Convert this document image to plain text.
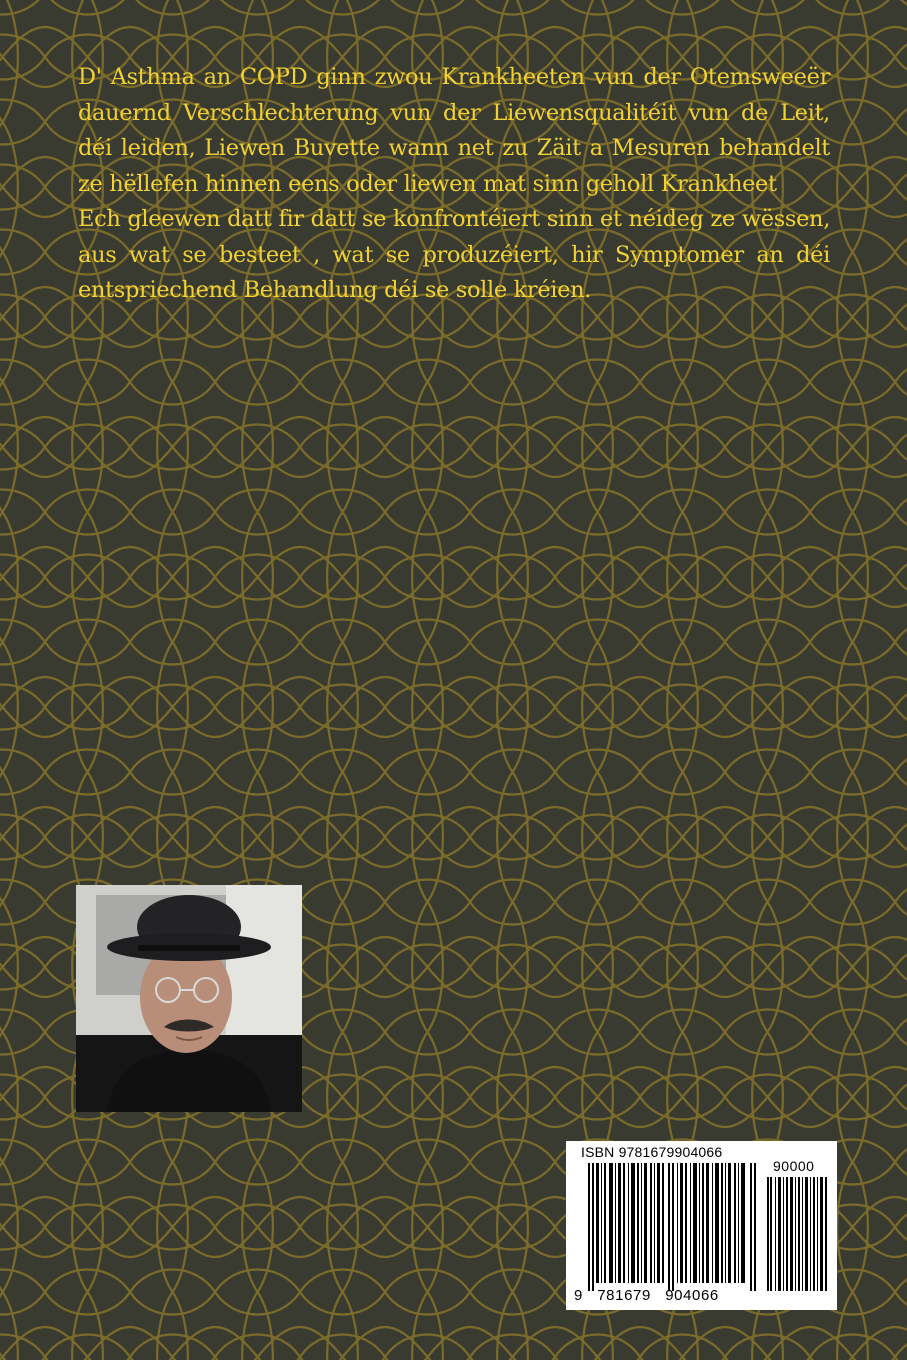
D' Asthma an COPD ginn zwou Krankheeten vun der Otemsweeër dauernd Verschlechterung vun der Liewensqualitéit vun de Leit, déi leiden, Liewen Buvette wann net zu Zäit a Mesuren behandelt ze hëllefen hinnen eens oder liewen mat sinn geholl Krankheet

Ech gleewen datt fir datt se konfrontéiert sinn et néideg ze wëssen, aus wat se besteet , wat se produzéiert, hir Symptomer an déi entspriechend Behandlung déi se solle kréien.

ISBN 9781679904066
90000
9   781679   904066
